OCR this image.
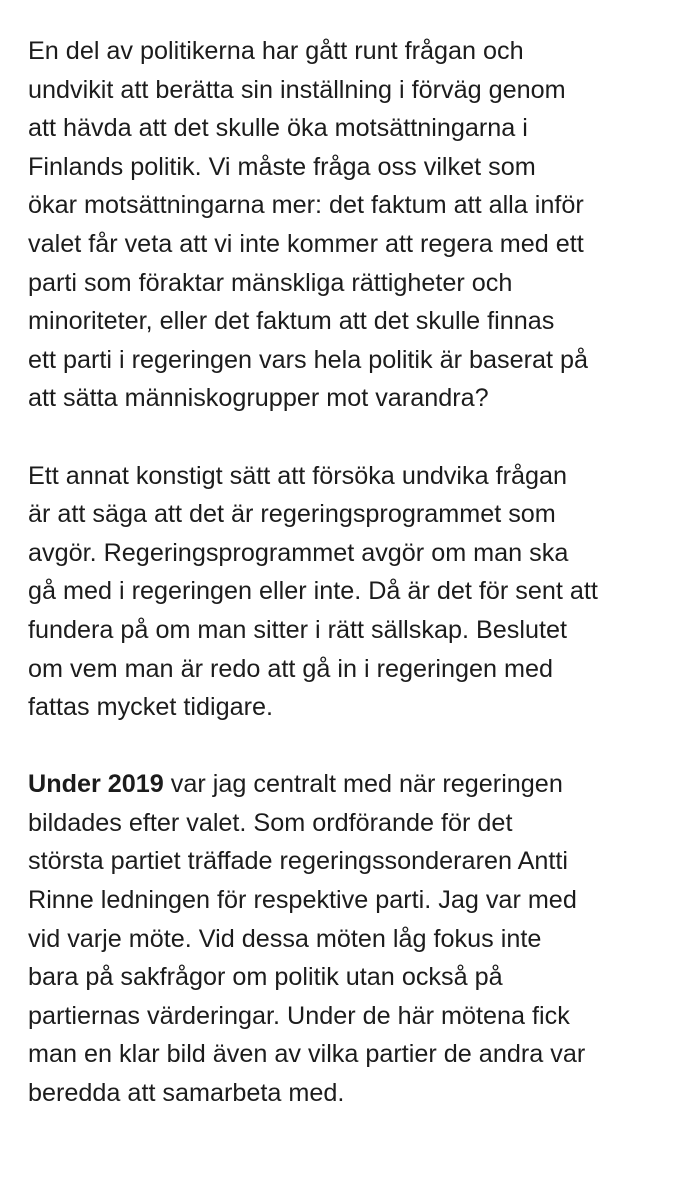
En del av politikerna har gått runt frågan och
undvikit att berätta sin inställning i förväg genom
att hävda att det skulle öka motsättningarna i
Finlands politik. Vi måste fråga oss vilket som
ökar motsättningarna mer: det faktum att alla inför
valet får veta att vi inte kommer att regera med ett
parti som föraktar mänskliga rättigheter och
minoriteter, eller det faktum att det skulle finnas
ett parti i regeringen vars hela politik är baserat på
att sätta människogrupper mot varandra?

Ett annat konstigt sätt att försöka undvika frågan
är att säga att det är regeringsprogrammet som
avgör. Regeringsprogrammet avgör om man ska
gå med i regeringen eller inte. Då är det för sent att
fundera på om man sitter i rätt sällskap. Beslutet
om vem man är redo att gå in i regeringen med
fattas mycket tidigare.

Under 2019 var jag centralt med när regeringen
bildades efter valet. Som ordförande för det
största partiet träffade regeringssonderaren Antti
Rinne ledningen för respektive parti. Jag var med
vid varje möte. Vid dessa möten låg fokus inte
bara på sakfrågor om politik utan också på
partiernas värderingar. Under de här mötena fick
man en klar bild även av vilka partier de andra var
beredda att samarbeta med.
